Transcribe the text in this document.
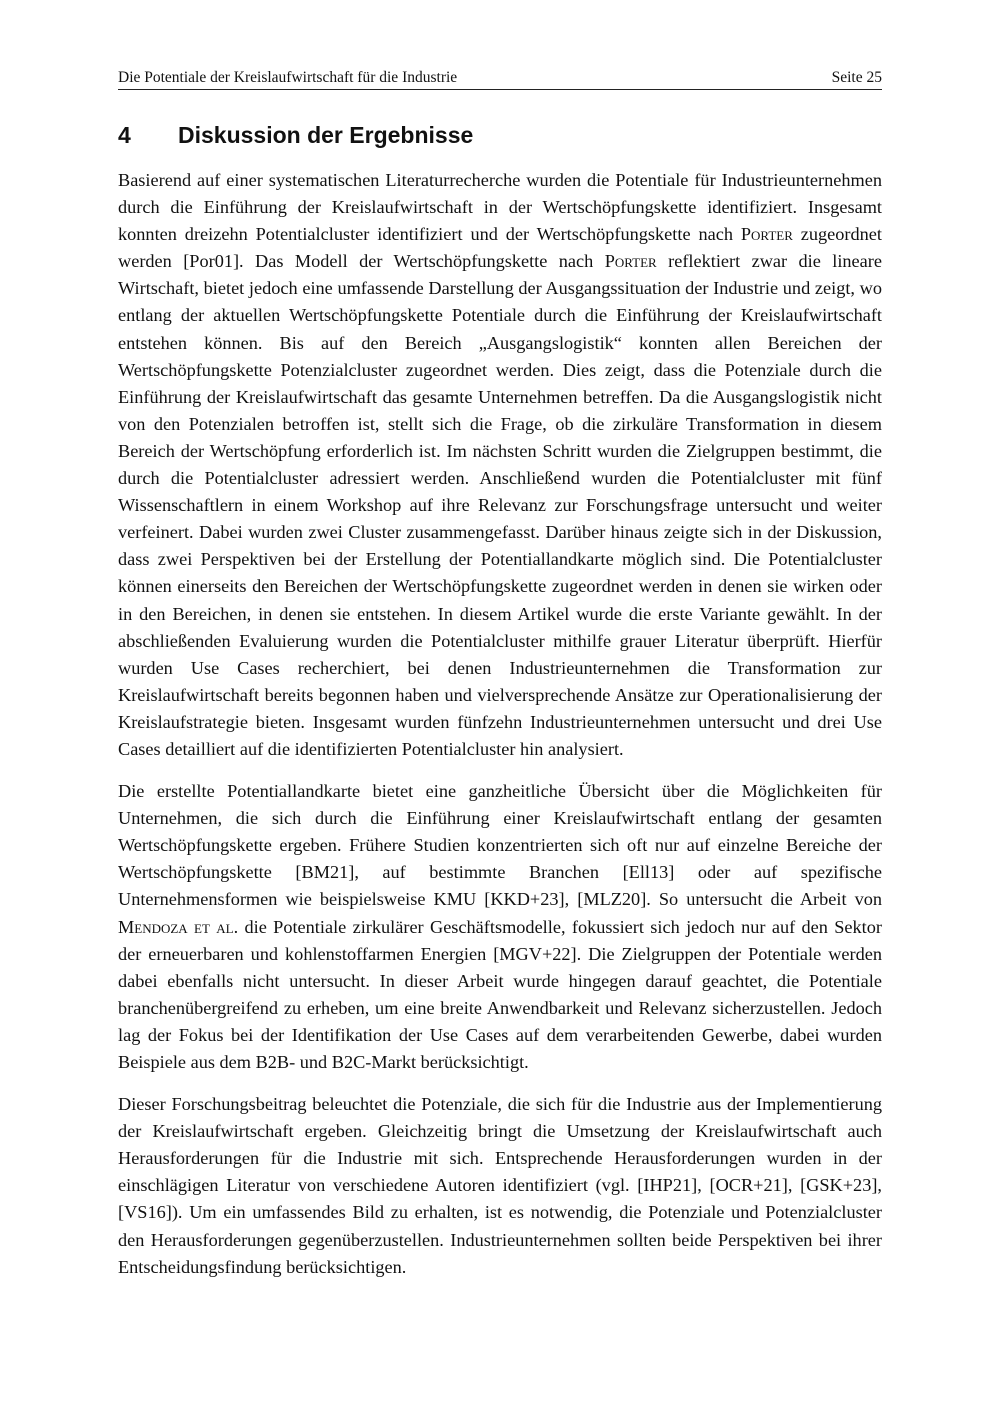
Die Potentiale der Kreislaufwirtschaft für die Industrie	Seite 25
4	Diskussion der Ergebnisse

Basierend auf einer systematischen Literaturrecherche wurden die Potentiale für Industrieunternehmen durch die Einführung der Kreislaufwirtschaft in der Wertschöpfungskette identifiziert. Insgesamt konnten dreizehn Potentialcluster identifiziert und der Wertschöpfungskette nach Porter zugeordnet werden [Por01]. Das Modell der Wertschöpfungskette nach Porter reflektiert zwar die lineare Wirtschaft, bietet jedoch eine umfassende Darstellung der Ausgangssituation der Industrie und zeigt, wo entlang der aktuellen Wertschöpfungskette Potentiale durch die Einführung der Kreislaufwirtschaft entstehen können. Bis auf den Bereich „Ausgangslogistik“ konnten allen Bereichen der Wertschöpfungskette Potenzialcluster zugeordnet werden. Dies zeigt, dass die Potenziale durch die Einführung der Kreislaufwirtschaft das gesamte Unternehmen betreffen. Da die Ausgangslogistik nicht von den Potenzialen betroffen ist, stellt sich die Frage, ob die zirkuläre Transformation in diesem Bereich der Wertschöpfung erforderlich ist. Im nächsten Schritt wurden die Zielgruppen bestimmt, die durch die Potentialcluster adressiert werden. Anschließend wurden die Potentialcluster mit fünf Wissenschaftlern in einem Workshop auf ihre Relevanz zur Forschungsfrage untersucht und weiter verfeinert. Dabei wurden zwei Cluster zusammengefasst. Darüber hinaus zeigte sich in der Diskussion, dass zwei Perspektiven bei der Erstellung der Potentiallandkarte möglich sind. Die Potentialcluster können einerseits den Bereichen der Wertschöpfungskette zugeordnet werden in denen sie wirken oder in den Bereichen, in denen sie entstehen. In diesem Artikel wurde die erste Variante gewählt. In der abschließenden Evaluierung wurden die Potentialcluster mithilfe grauer Literatur überprüft. Hierfür wurden Use Cases recherchiert, bei denen Industrieunternehmen die Transformation zur Kreislaufwirtschaft bereits begonnen haben und vielversprechende Ansätze zur Operationalisierung der Kreislaufstrategie bieten. Insgesamt wurden fünfzehn Industrieunternehmen untersucht und drei Use Cases detailliert auf die identifizierten Potentialcluster hin analysiert.

Die erstellte Potentiallandkarte bietet eine ganzheitliche Übersicht über die Möglichkeiten für Unternehmen, die sich durch die Einführung einer Kreislaufwirtschaft entlang der gesamten Wertschöpfungskette ergeben. Frühere Studien konzentrierten sich oft nur auf einzelne Bereiche der Wertschöpfungskette [BM21], auf bestimmte Branchen [Ell13] oder auf spezifische Unternehmensformen wie beispielsweise KMU [KKD+23], [MLZ20]. So untersucht die Arbeit von Mendoza et al. die Potentiale zirkulärer Geschäftsmodelle, fokussiert sich jedoch nur auf den Sektor der erneuerbaren und kohlenstoffarmen Energien [MGV+22]. Die Zielgruppen der Potentiale werden dabei ebenfalls nicht untersucht. In dieser Arbeit wurde hingegen darauf geachtet, die Potentiale branchenübergreifend zu erheben, um eine breite Anwendbarkeit und Relevanz sicherzustellen. Jedoch lag der Fokus bei der Identifikation der Use Cases auf dem verarbeitenden Gewerbe, dabei wurden Beispiele aus dem B2B- und B2C-Markt berücksichtigt.

Dieser Forschungsbeitrag beleuchtet die Potenziale, die sich für die Industrie aus der Implementierung der Kreislaufwirtschaft ergeben. Gleichzeitig bringt die Umsetzung der Kreislaufwirtschaft auch Herausforderungen für die Industrie mit sich. Entsprechende Herausforderungen wurden in der einschlägigen Literatur von verschiedene Autoren identifiziert (vgl. [IHP21], [OCR+21], [GSK+23], [VS16]). Um ein umfassendes Bild zu erhalten, ist es notwendig, die Potenziale und Potenzialcluster den Herausforderungen gegenüberzustellen. Industrieunternehmen sollten beide Perspektiven bei ihrer Entscheidungsfindung berücksichtigen.
